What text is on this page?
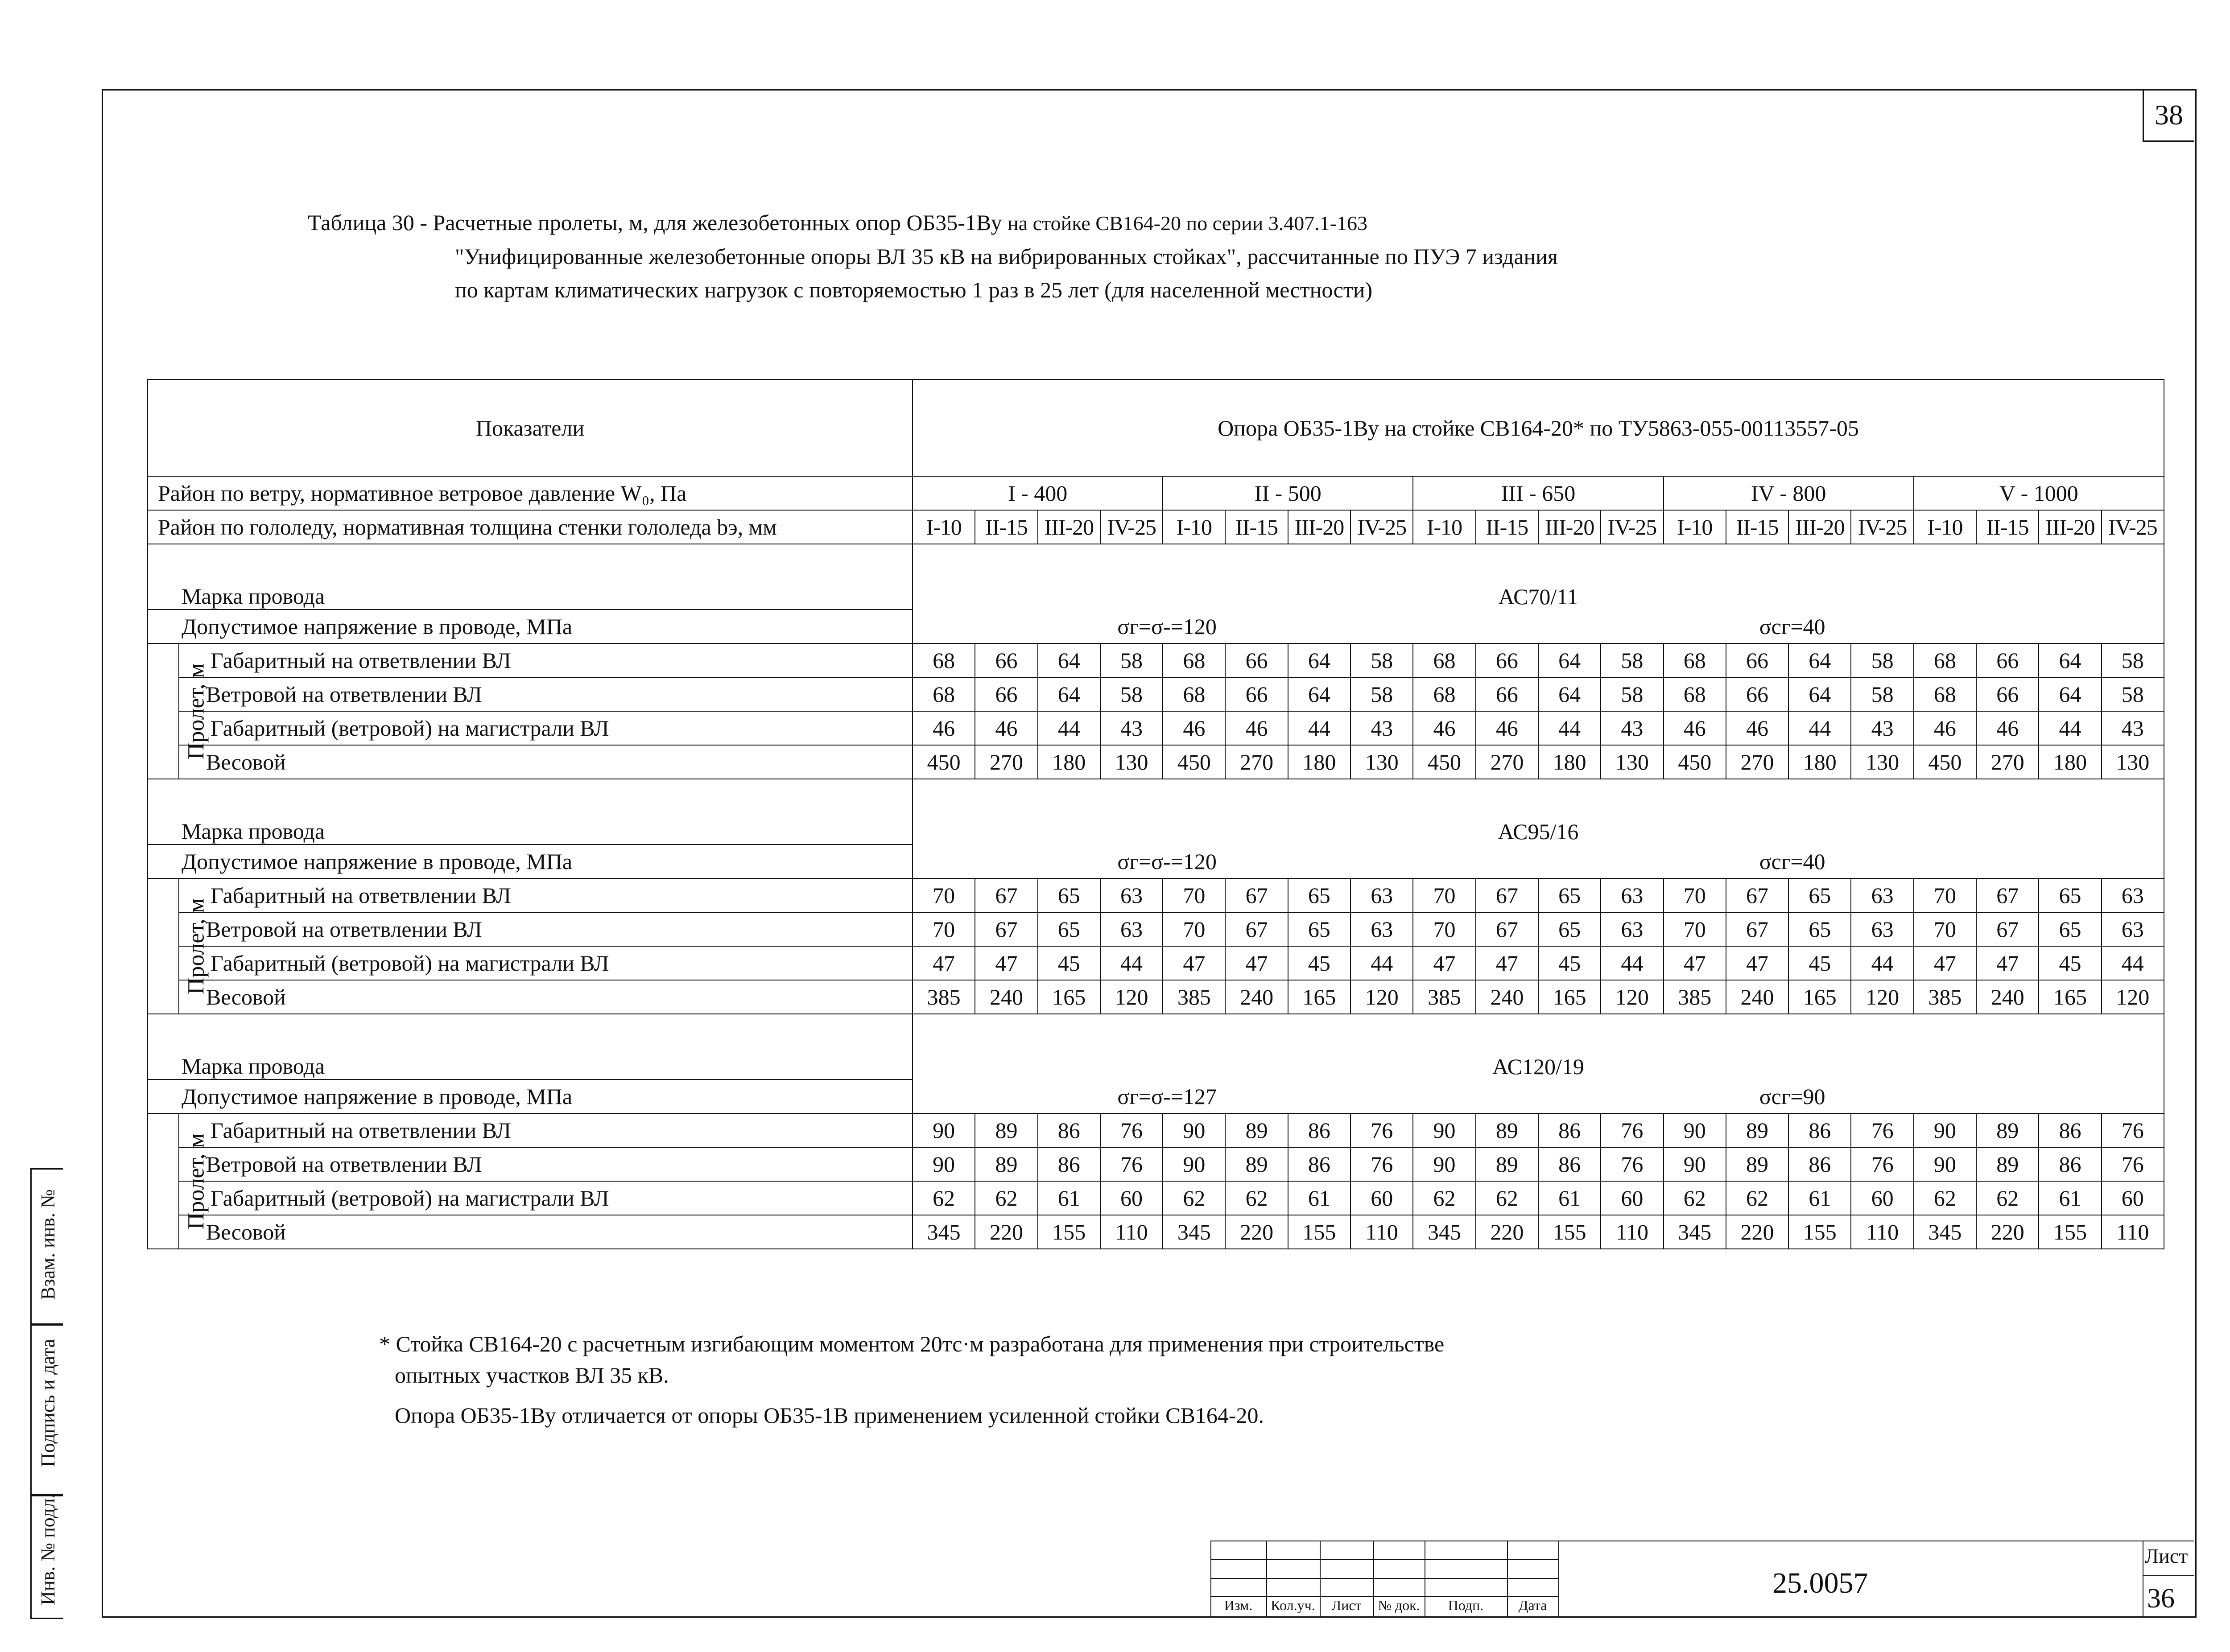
38
Таблица 30 - Расчетные пролеты, м, для железобетонных опор ОБ35-1Ву на стойке СВ164-20 по серии 3.407.1-163
"Унифицированные железобетонные опоры ВЛ 35 кВ на вибрированных стойках", рассчитанные по ПУЭ 7 издания
по картам климатических нагрузок с повторяемостью 1 раз в 25 лет (для населенной местности)
Показатели		Опора ОБ35-1Ву на стойке СВ164-20* по ТУ5863-055-00113557-05																			
Район по ветру, нормативное ветровое давление W₀, Па		I - 400				II - 500				III - 650				IV - 800				V - 1000			
Район по гололеду, нормативная толщина стенки гололеда bэ, мм		I-10	II-15	III-20	IV-25	I-10	II-15	III-20	IV-25	I-10	II-15	III-20	IV-25	I-10	II-15	III-20	IV-25	I-10	II-15	III-20	IV-25
Марка провода		АС70/11																			
Допустимое напряжение в проводе, МПа		σг=σ-=120 σсг=40																			

Пролет, м	Габаритный на ответвлении ВЛ	68	66	64	58	68	66	64	58	68	66	64	58	68	66	64	58	68	66	64	58
	Ветровой на ответвлении ВЛ	68	66	64	58	68	66	64	58	68	66	64	58	68	66	64	58	68	66	64	58
	Габаритный (ветровой) на магистрали ВЛ	46	46	44	43	46	46	44	43	46	46	44	43	46	46	44	43	46	46	44	43
	Весовой	450	270	180	130	450	270	180	130	450	270	180	130	450	270	180	130	450	270	180	130
Марка провода		АС95/16																			
Допустимое напряжение в проводе, МПа		σг=σ-=120 σсг=40																			

Пролет, м	Габаритный на ответвлении ВЛ	70	67	65	63	70	67	65	63	70	67	65	63	70	67	65	63	70	67	65	63
	Ветровой на ответвлении ВЛ	70	67	65	63	70	67	65	63	70	67	65	63	70	67	65	63	70	67	65	63
	Габаритный (ветровой) на магистрали ВЛ	47	47	45	44	47	47	45	44	47	47	45	44	47	47	45	44	47	47	45	44
	Весовой	385	240	165	120	385	240	165	120	385	240	165	120	385	240	165	120	385	240	165	120
Марка провода		АС120/19																			
Допустимое напряжение в проводе, МПа		σг=σ-=127 σсг=90																			

Пролет, м	Габаритный на ответвлении ВЛ	90	89	86	76	90	89	86	76	90	89	86	76	90	89	86	76	90	89	86	76
	Ветровой на ответвлении ВЛ	90	89	86	76	90	89	86	76	90	89	86	76	90	89	86	76	90	89	86	76
	Габаритный (ветровой) на магистрали ВЛ	62	62	61	60	62	62	61	60	62	62	61	60	62	62	61	60	62	62	61	60
	Весовой	345	220	155	110	345	220	155	110	345	220	155	110	345	220	155	110	345	220	155	110
* Стойка СВ164-20 с расчетным изгибающим моментом 20тс·м разработана для применения при строительстве
опытных участков ВЛ 35 кВ.
Опора ОБ35-1Ву отличается от опоры ОБ35-1В применением усиленной стойки СВ164-20.
Взам. инв. №
Подпись и дата
Инв. № подл.	Изм.	Кол.уч.	Лист	№ док.	Подп.	Дата
25.0057
Лист
36
